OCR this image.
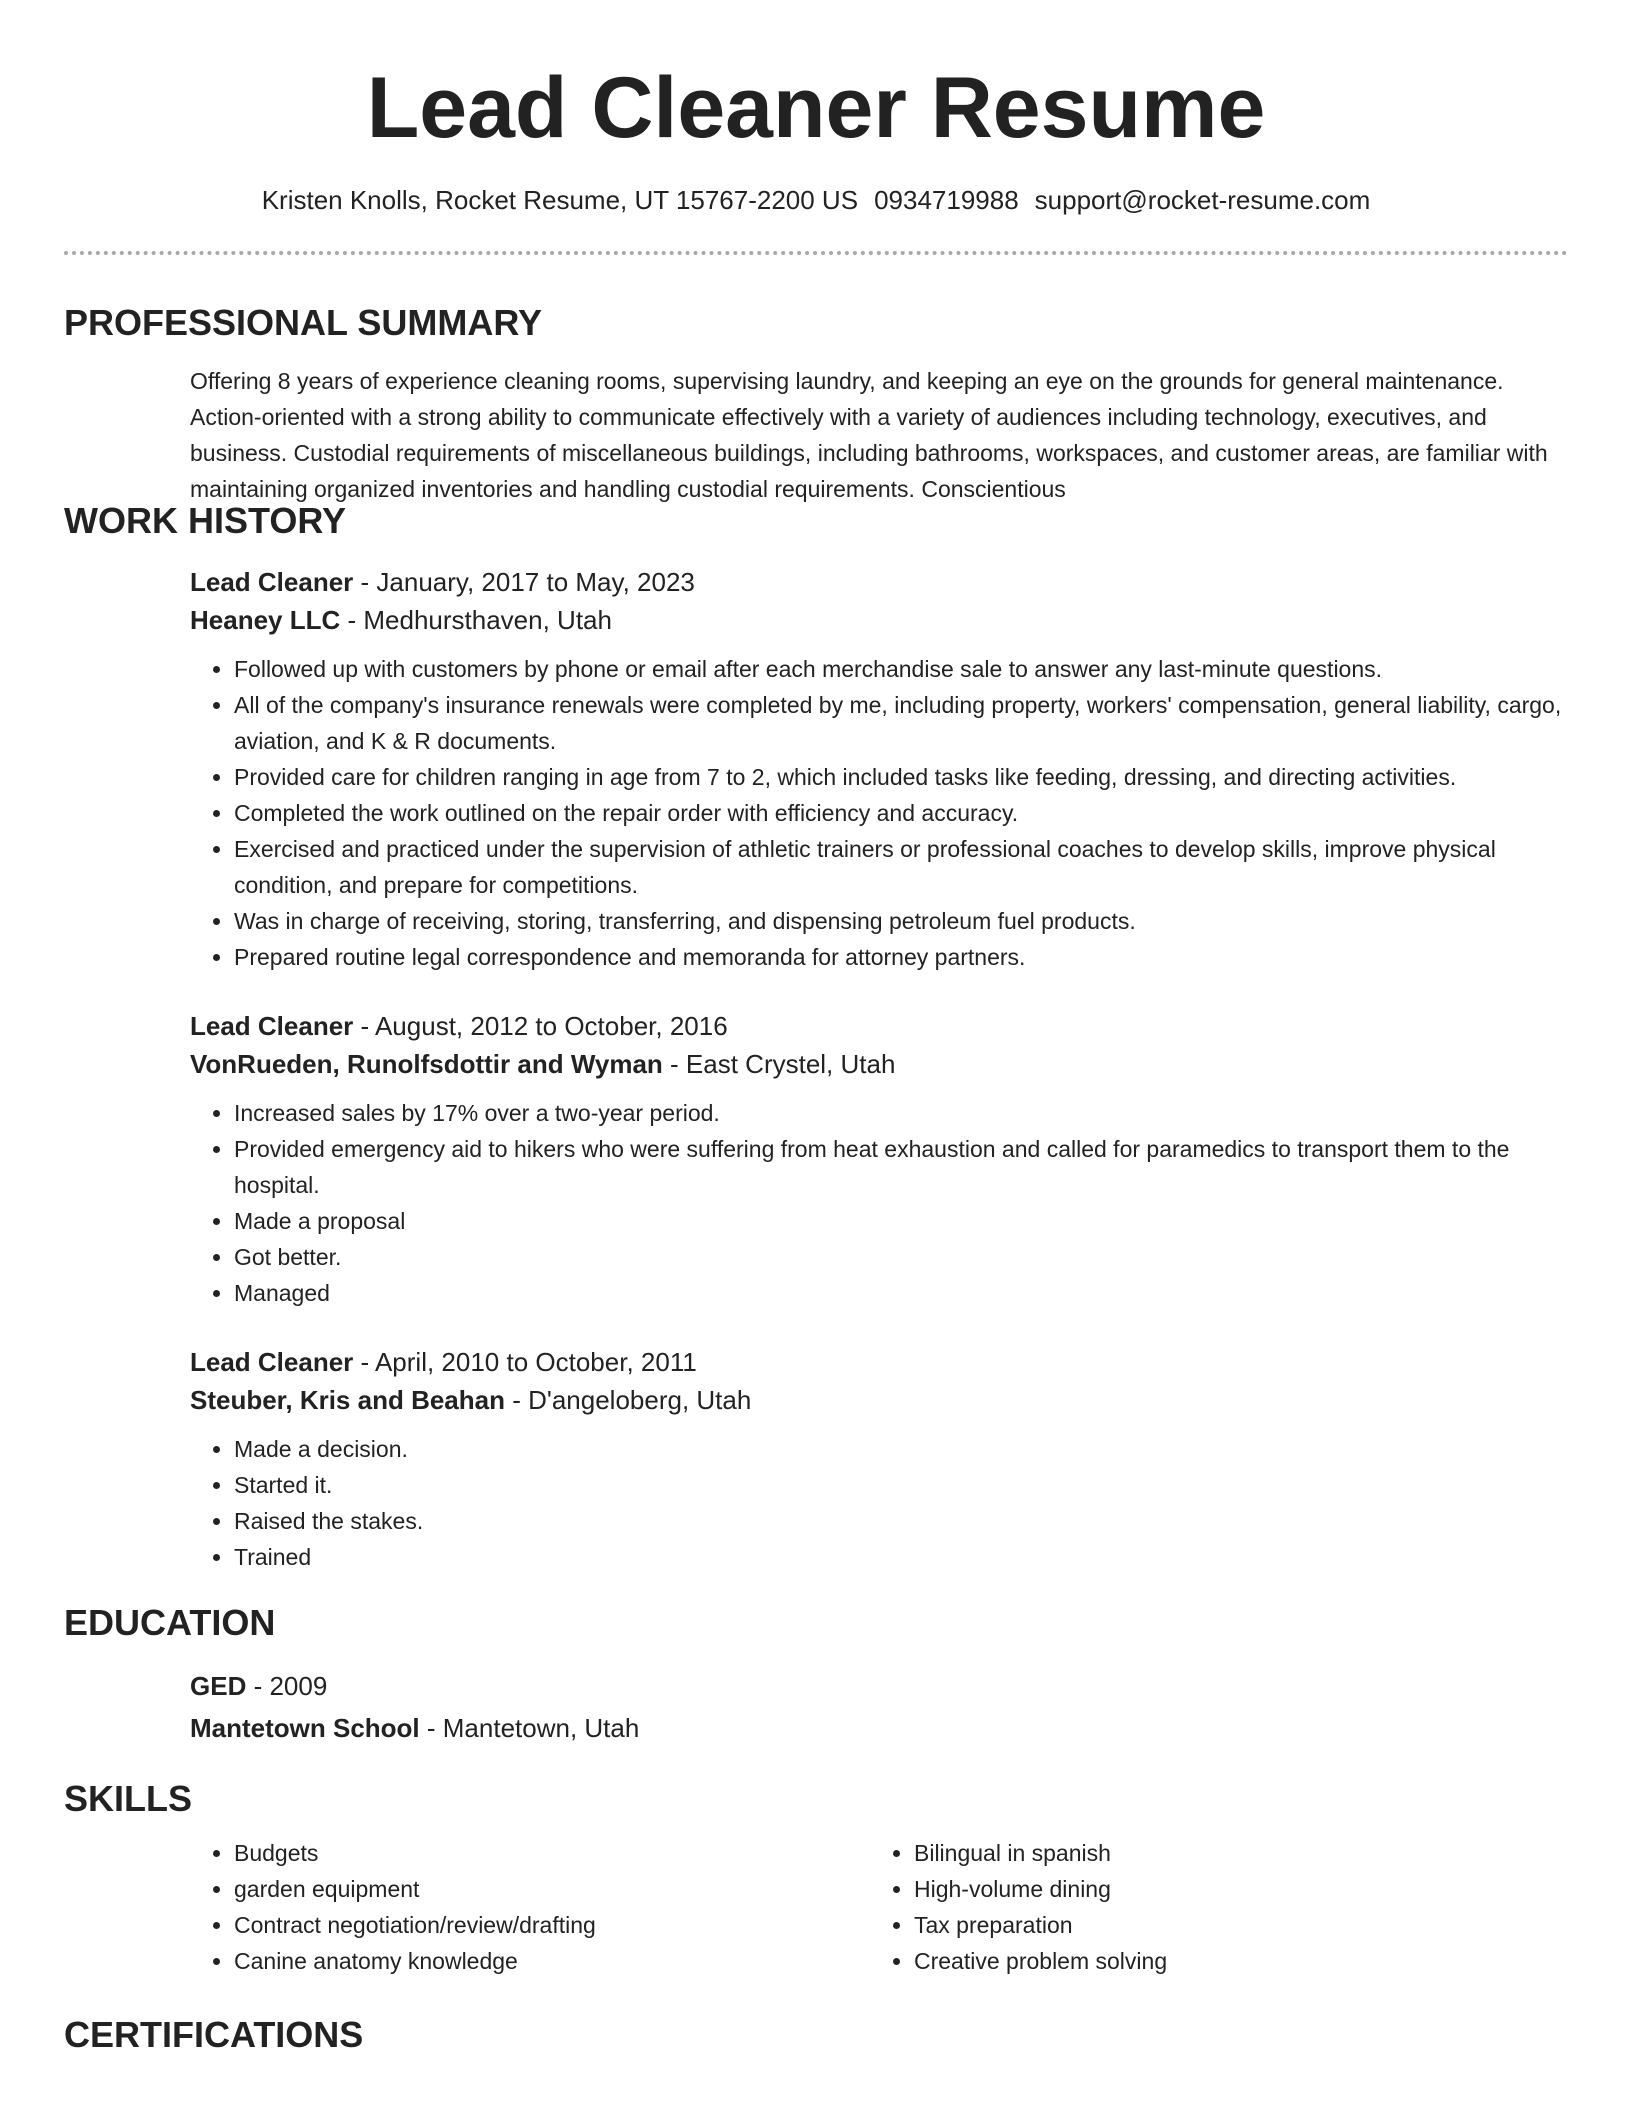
Lead Cleaner Resume
Kristen Knolls, Rocket Resume, UT 15767-2200 US 0934719988 support@rocket-resume.com
PROFESSIONAL SUMMARY
Offering 8 years of experience cleaning rooms, supervising laundry, and keeping an eye on the grounds for general maintenance. Action-oriented with a strong ability to communicate effectively with a variety of audiences including technology, executives, and business. Custodial requirements of miscellaneous buildings, including bathrooms, workspaces, and customer areas, are familiar with maintaining organized inventories and handling custodial requirements. Conscientious
WORK HISTORY
Lead Cleaner - January, 2017 to May, 2023
Heaney LLC - Medhursthaven, Utah
• Followed up with customers by phone or email after each merchandise sale to answer any last-minute questions.
• All of the company's insurance renewals were completed by me, including property, workers' compensation, general liability, cargo, aviation, and K & R documents.
• Provided care for children ranging in age from 7 to 2, which included tasks like feeding, dressing, and directing activities.
• Completed the work outlined on the repair order with efficiency and accuracy.
• Exercised and practiced under the supervision of athletic trainers or professional coaches to develop skills, improve physical condition, and prepare for competitions.
• Was in charge of receiving, storing, transferring, and dispensing petroleum fuel products.
• Prepared routine legal correspondence and memoranda for attorney partners.
Lead Cleaner - August, 2012 to October, 2016
VonRueden, Runolfsdottir and Wyman - East Crystel, Utah
• Increased sales by 17% over a two-year period.
• Provided emergency aid to hikers who were suffering from heat exhaustion and called for paramedics to transport them to the hospital.
• Made a proposal
• Got better.
• Managed
Lead Cleaner - April, 2010 to October, 2011
Steuber, Kris and Beahan - D'angeloberg, Utah
• Made a decision.
• Started it.
• Raised the stakes.
• Trained
EDUCATION
GED - 2009
Mantetown School - Mantetown, Utah
SKILLS
• Budgets
• garden equipment
• Contract negotiation/review/drafting
• Canine anatomy knowledge
• Bilingual in spanish
• High-volume dining
• Tax preparation
• Creative problem solving
CERTIFICATIONS
